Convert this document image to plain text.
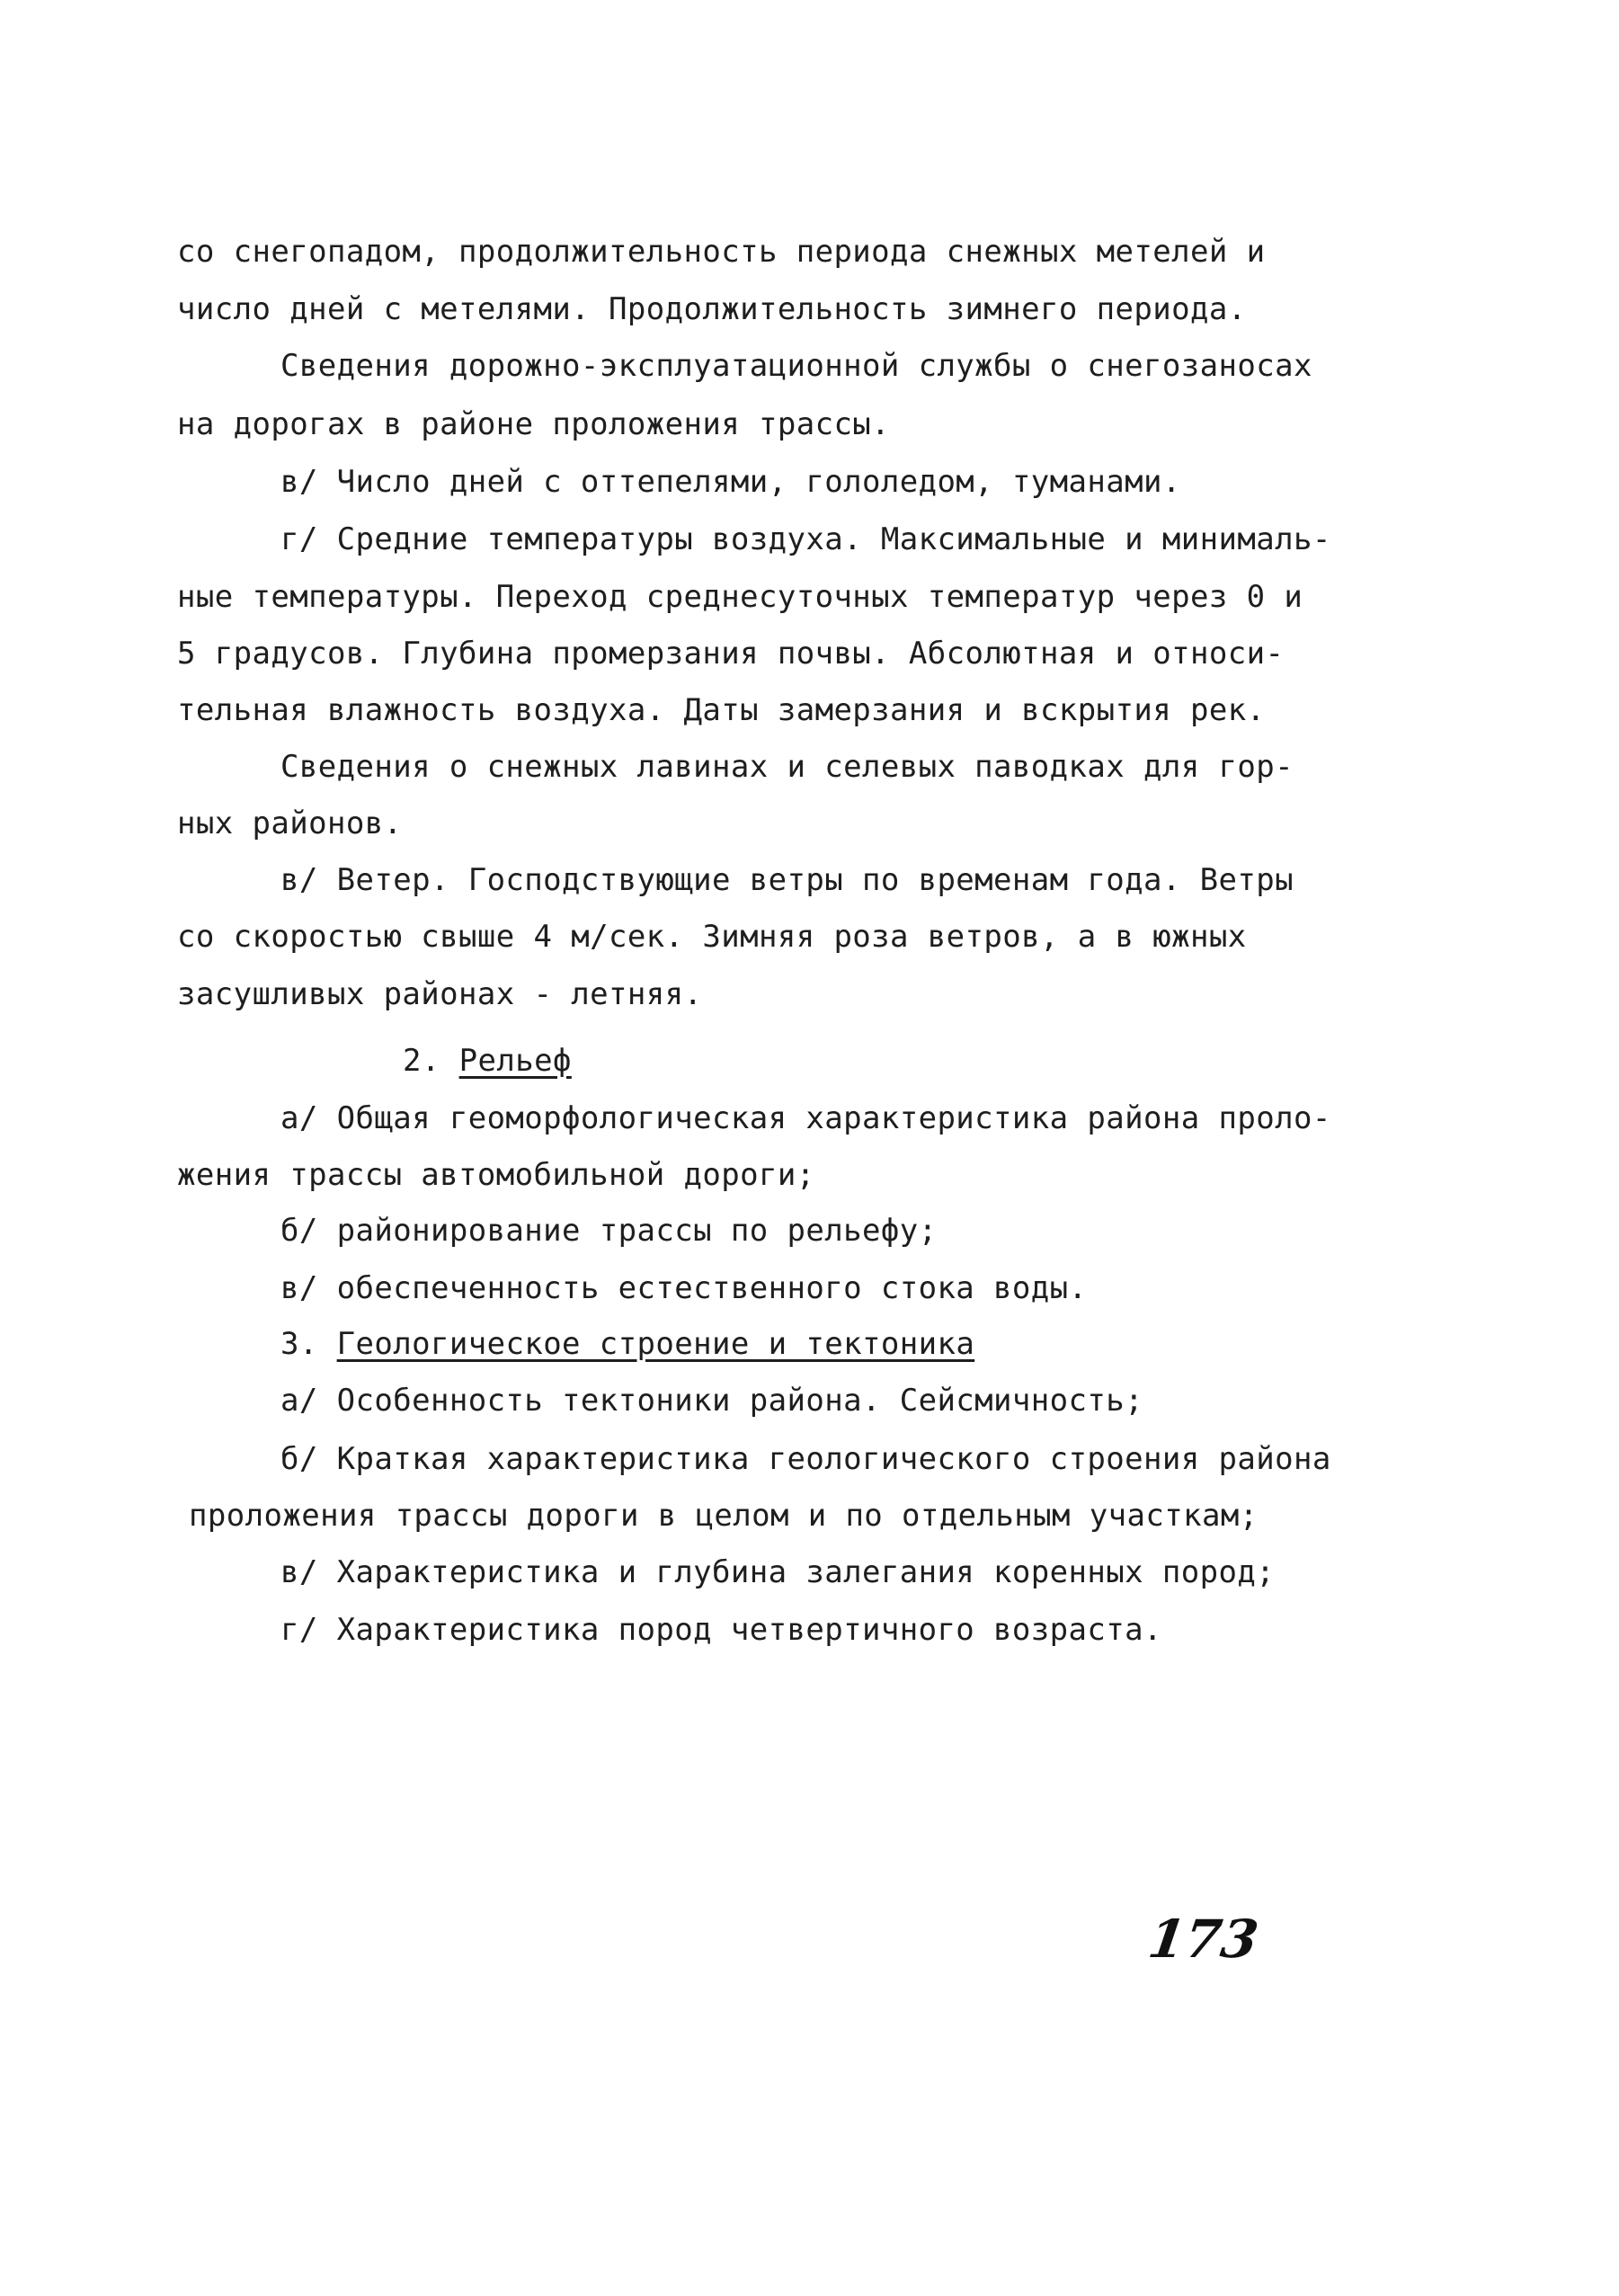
со снегопадом, продолжительность периода снежных метелей и

число дней с метелями. Продолжительность зимнего периода.

Сведения дорожно-эксплуатационной службы о снегозаносах

на дорогах в районе проложения трассы.

в/ Число дней с оттепелями, гололедом, туманами.

г/ Средние температуры воздуха. Максимальные и минималь-

ные температуры. Переход среднесуточных температур через 0 и

5 градусов. Глубина промерзания почвы. Абсолютная и относи-

тельная влажность воздуха. Даты замерзания и вскрытия рек.

Сведения о снежных лавинах и селевых паводках для гор-

ных районов.

в/ Ветер. Господствующие ветры по временам года. Ветры

со скоростью свыше 4 м/сек. Зимняя роза ветров, а в южных

засушливых районах - летняя.

2. Рельеф

а/ Общая геоморфологическая характеристика района проло-

жения трассы автомобильной дороги;

б/ районирование трассы по рельефу;

в/ обеспеченность естественного стока воды.

3. Геологическое строение и тектоника

а/ Особенность тектоники района. Сейсмичность;

б/ Краткая характеристика геологического строения района

проложения трассы дороги в целом и по отдельным участкам;

в/ Характеристика и глубина залегания коренных пород;

г/ Характеристика пород четвертичного возраста.

173
